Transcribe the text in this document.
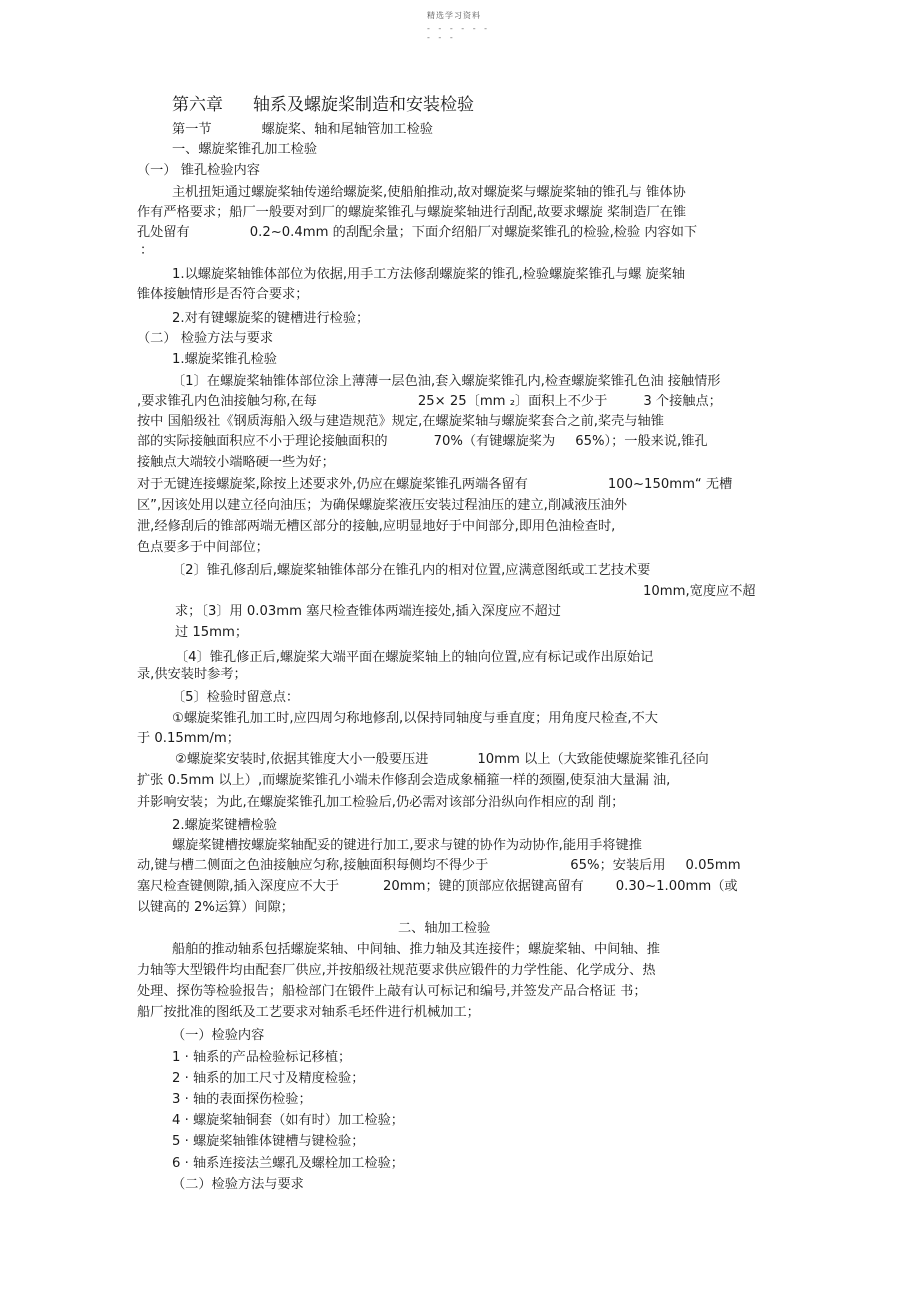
精选学习资料
- - - - - -
- - -
第六章 轴系及螺旋桨制造和安装检验
第一节	螺旋桨、轴和尾轴管加工检验
一、螺旋桨锥孔加工检验
（一） 锥孔检验内容
主机扭矩通过螺旋桨轴传递给螺旋桨,使船舶推动,故对螺旋桨与螺旋桨轴的锥孔与 锥体协
作有严格要求；船厂一般要对到厂的螺旋桨锥孔与螺旋桨轴进行刮配,故要求螺旋 桨制造厂在锥
孔处留有	0.2~0.4mm 的刮配余量；下面介绍船厂对螺旋桨锥孔的检验,检验 内容如下
：
1.以螺旋桨轴锥体部位为依据,用手工方法修刮螺旋桨的锥孔,检验螺旋桨锥孔与螺 旋桨轴
锥体接触情形是否符合要求；
2.对有键螺旋桨的键槽进行检验；
（二） 检验方法与要求
1.螺旋桨锥孔检验
〔1〕在螺旋桨轴锥体部位涂上薄薄一层色油,套入螺旋桨锥孔内,检查螺旋桨锥孔色油 接触情形
,要求锥孔内色油接触匀称,在每	25× 25〔mm ₂〕面积上不少于	3 个接触点；
按中 国船级社《钢质海船入级与建造规范》规定,在螺旋桨轴与螺旋桨套合之前,桨壳与轴锥
部的实际接触面积应不小于理论接触面积的	70%（有键螺旋桨为 65%）；一般来说,锥孔
接触点大端较小端略硬一些为好；
对于无键连接螺旋桨,除按上述要求外,仍应在螺旋桨锥孔两端各留有	100~150mm“ 无槽
区”,因该处用以建立径向油压；为确保螺旋桨液压安装过程油压的建立,削减液压油外
泄,经修刮后的锥部两端无槽区部分的接触,应明显地好于中间部分,即用色油检查时,
色点要多于中间部位；
〔2〕锥孔修刮后,螺旋桨轴锥体部分在锥孔内的相对位置,应满意图纸或工艺技术要
10mm,宽度应不超
求；〔3〕用 0.03mm 塞尺检查锥体两端连接处,插入深度应不超过
过 15mm；
〔4〕锥孔修正后,螺旋桨大端平面在螺旋桨轴上的轴向位置,应有标记或作出原始记
录,供安装时参考；
〔5〕检验时留意点：
①螺旋桨锥孔加工时,应四周匀称地修刮,以保持同轴度与垂直度；用角度尺检查,不大
于 0.15mm/m；
②螺旋桨安装时,依据其锥度大小一般要压进	10mm 以上（大致能使螺旋桨锥孔径向
扩张 0.5mm 以上）,而螺旋桨锥孔小端未作修刮会造成象桶箍一样的颈圈,使泵油大量漏 油,
并影响安装；为此,在螺旋桨锥孔加工检验后,仍必需对该部分沿纵向作相应的刮 削；
2.螺旋桨键槽检验
螺旋桨键槽按螺旋桨轴配妥的键进行加工,要求与键的协作为动协作,能用手将键推
动,键与槽二侧面之色油接触应匀称,接触面积每侧均不得少于	65%；安装后用 0.05mm
塞尺检查键侧隙,插入深度应不大于	20mm；键的顶部应依据键高留有 0.30~1.00mm（或
以键高的 2%运算）间隙；
二、轴加工检验
船舶的推动轴系包括螺旋桨轴、中间轴、推力轴及其连接件；螺旋桨轴、中间轴、推
力轴等大型锻件均由配套厂供应,并按船级社规范要求供应锻件的力学性能、化学成分、热
处理、探伤等检验报告；船检部门在锻件上敲有认可标记和编号,并签发产品合格证 书；
船厂按批准的图纸及工艺要求对轴系毛坯件进行机械加工；
（一）检验内容
1 · 轴系的产品检验标记移植；
2 · 轴系的加工尺寸及精度检验；
3 · 轴的表面探伤检验；
4 · 螺旋桨轴铜套（如有时）加工检验；
5 · 螺旋桨轴锥体键槽与键检验；
6 · 轴系连接法兰螺孔及螺栓加工检验；
（二）检验方法与要求
